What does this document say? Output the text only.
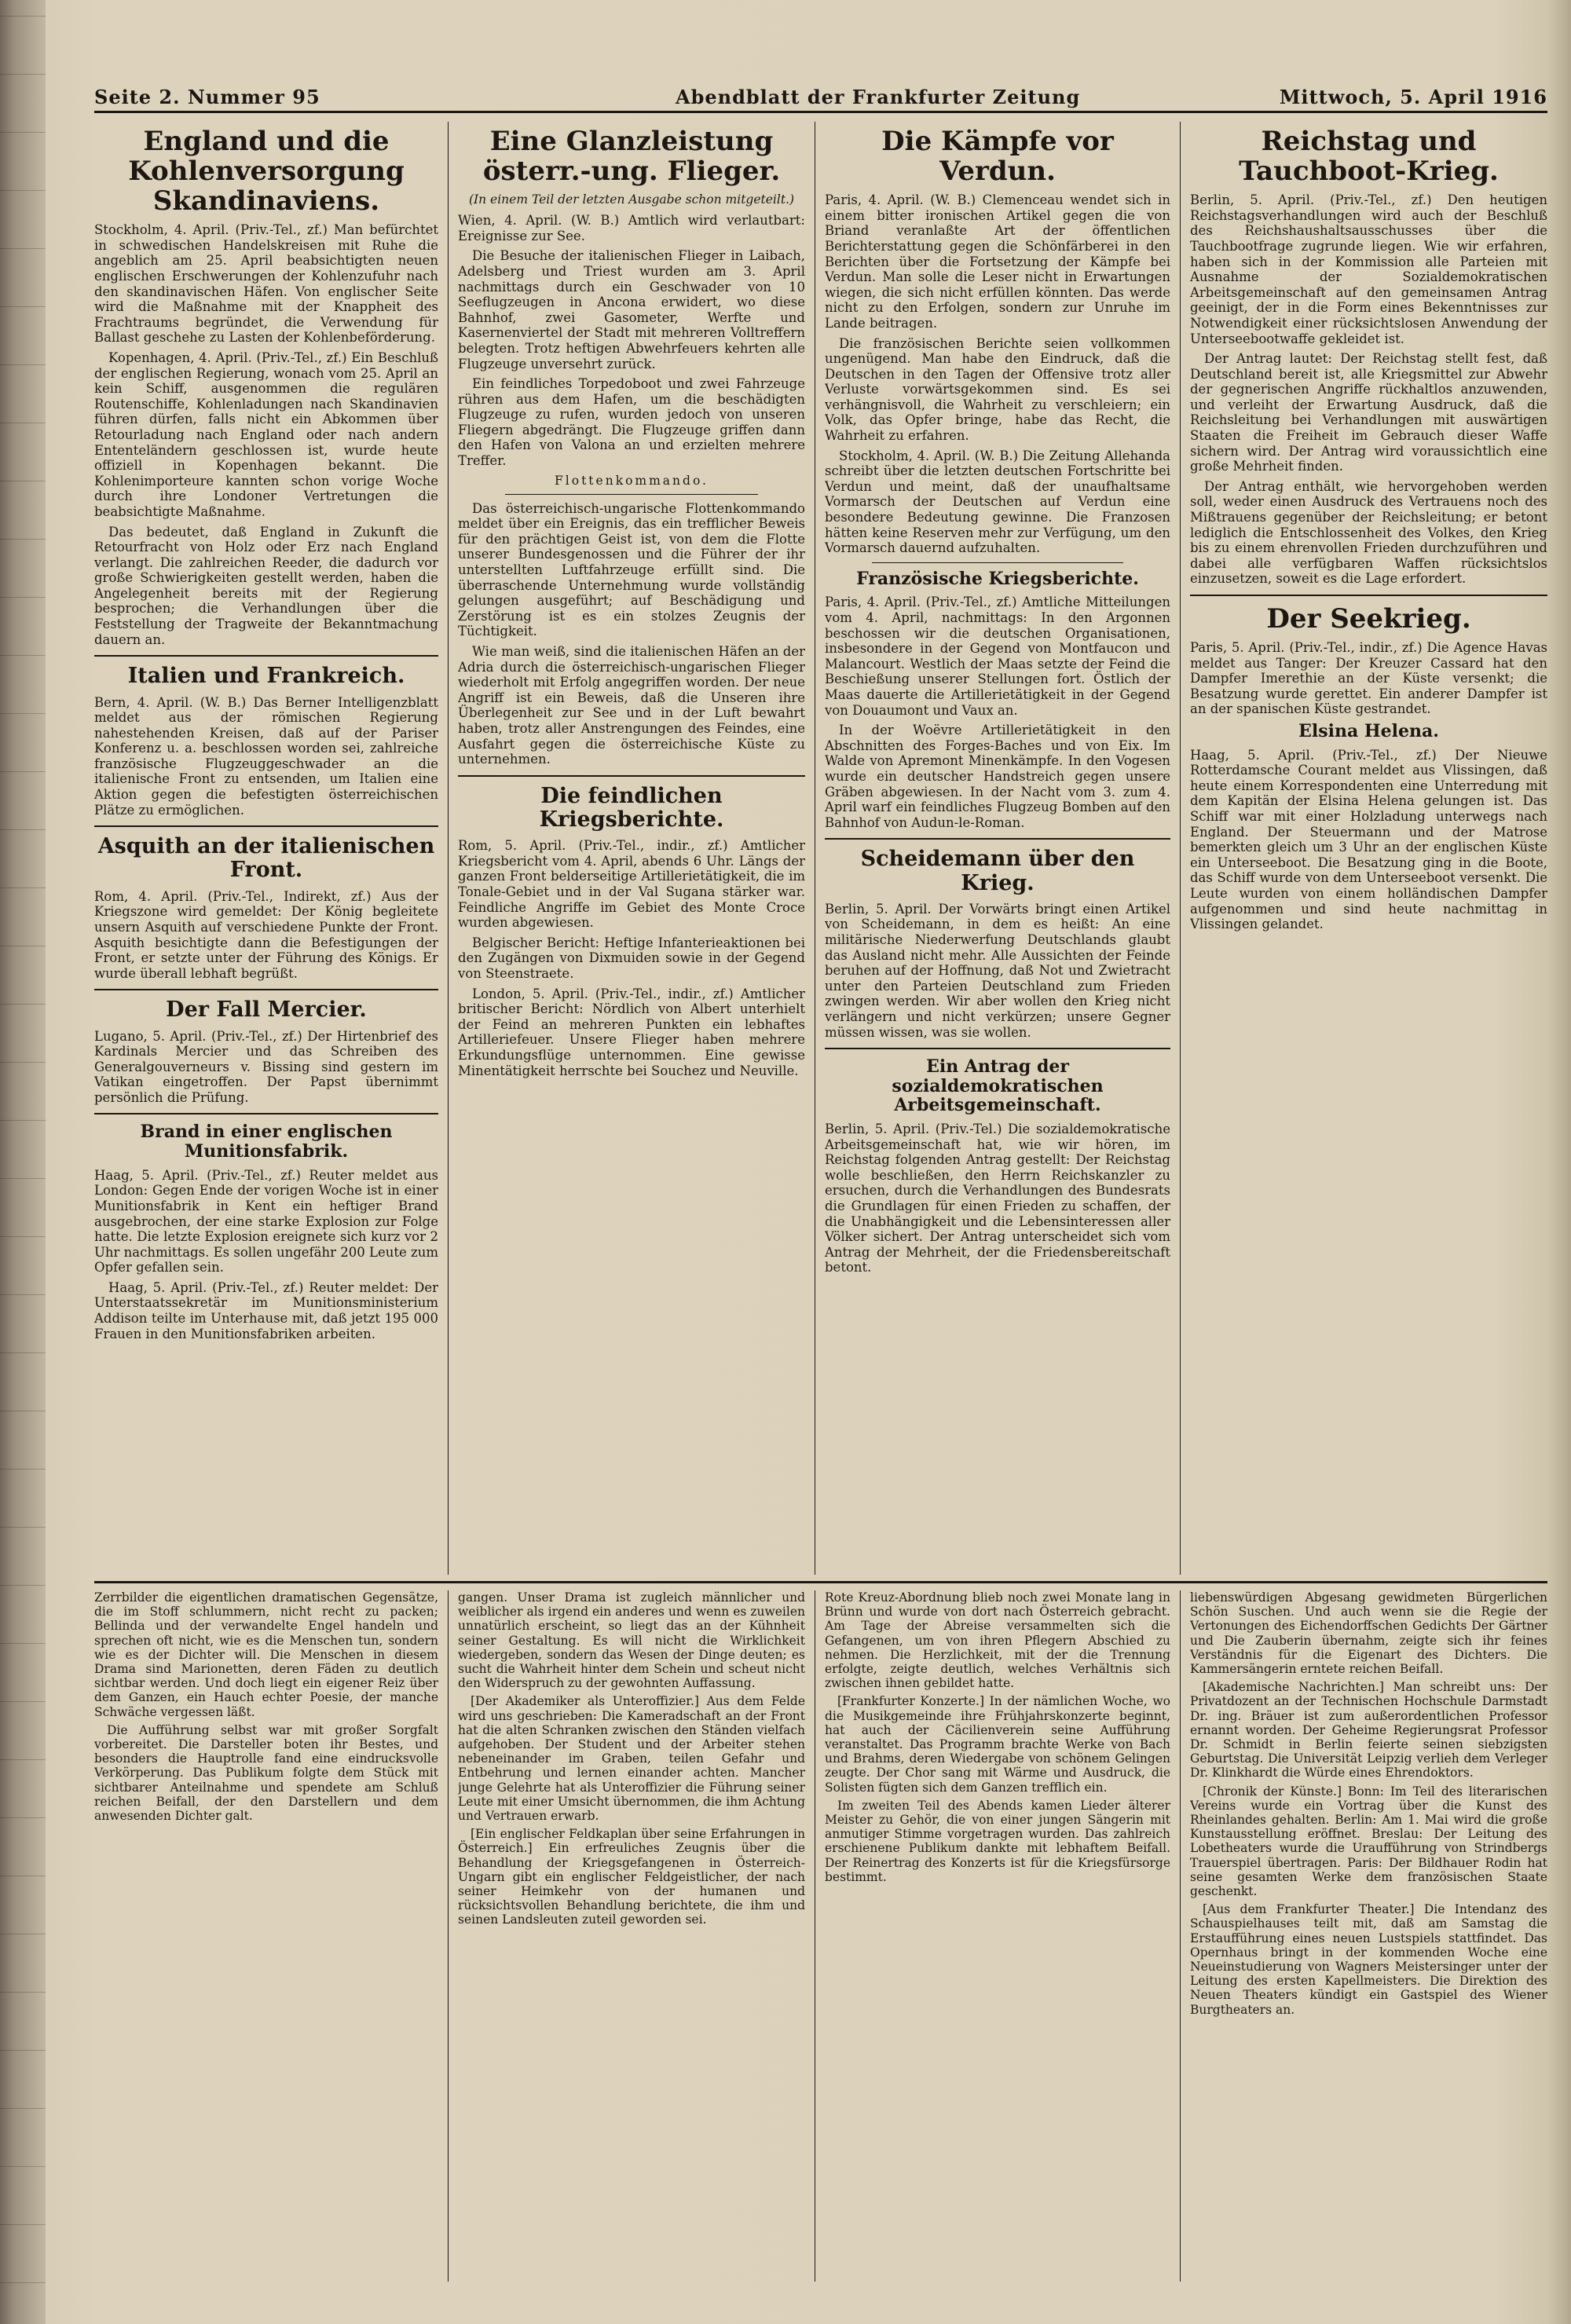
Seite 2. Nummer 95	Abendblatt der Frankfurter Zeitung	Mittwoch, 5. April 1916
England und die Kohlenversorgung Skandinaviens.

Stockholm, 4. April. (Priv.-Tel., zf.) Man befürchtet in schwedischen Handelskreisen mit Ruhe die angeblich am 25. April beabsichtigten neuen englischen Erschwerungen der Kohlenzufuhr nach den skandinavischen Häfen. Von englischer Seite wird die Maßnahme mit der Knappheit des Frachtraums begründet, die Verwendung für Ballast geschehe zu Lasten der Kohlenbeförderung.

Kopenhagen, 4. April. (Priv.-Tel., zf.) Ein Beschluß der englischen Regierung, wonach vom 25. April an kein Schiff, ausgenommen die regulären Routenschiffe, Kohlenladungen nach Skandinavien führen dürfen, falls nicht ein Abkommen über Retourladung nach England oder nach andern Ententeländern geschlossen ist, wurde heute offiziell in Kopenhagen bekannt. Die Kohlenimporteure kannten schon vorige Woche durch ihre Londoner Vertretungen die beabsichtigte Maßnahme.

Das bedeutet, daß England in Zukunft die Retourfracht von Holz oder Erz nach England verlangt. Die zahlreichen Reeder, die dadurch vor große Schwierigkeiten gestellt werden, haben die Angelegenheit bereits mit der Regierung besprochen; die Verhandlungen über die Feststellung der Tragweite der Bekanntmachung dauern an.

Italien und Frankreich.

Bern, 4. April. (W. B.) Das Berner Intelligenzblatt meldet aus der römischen Regierung nahestehenden Kreisen, daß auf der Pariser Konferenz u. a. beschlossen worden sei, zahlreiche französische Flugzeuggeschwader an die italienische Front zu entsenden, um Italien eine Aktion gegen die befestigten österreichischen Plätze zu ermöglichen.

Asquith an der italienischen Front.

Rom, 4. April. (Priv.-Tel., Indirekt, zf.) Aus der Kriegszone wird gemeldet: Der König begleitete unsern Asquith auf verschiedene Punkte der Front. Asquith besichtigte dann die Befestigungen der Front, er setzte unter der Führung des Königs. Er wurde überall lebhaft begrüßt.

Der Fall Mercier.

Lugano, 5. April. (Priv.-Tel., zf.) Der Hirtenbrief des Kardinals Mercier und das Schreiben des Generalgouverneurs v. Bissing sind gestern im Vatikan eingetroffen. Der Papst übernimmt persönlich die Prüfung.

Brand in einer englischen Munitionsfabrik.

Haag, 5. April. (Priv.-Tel., zf.) Reuter meldet aus London: Gegen Ende der vorigen Woche ist in einer Munitionsfabrik in Kent ein heftiger Brand ausgebrochen, der eine starke Explosion zur Folge hatte. Die letzte Explosion ereignete sich kurz vor 2 Uhr nachmittags. Es sollen ungefähr 200 Leute zum Opfer gefallen sein.

Haag, 5. April. (Priv.-Tel., zf.) Reuter meldet: Der Unterstaatssekretär im Munitionsministerium Addison teilte im Unterhause mit, daß jetzt 195 000 Frauen in den Munitionsfabriken arbeiten.

Eine Glanzleistung österr.-ung. Flieger.
(In einem Teil der letzten Ausgabe schon mitgeteilt.)

Wien, 4. April. (W. B.) Amtlich wird verlautbart: Ereignisse zur See.

Die Besuche der italienischen Flieger in Laibach, Adelsberg und Triest wurden am 3. April nachmittags durch ein Geschwader von 10 Seeflugzeugen in Ancona erwidert, wo diese Bahnhof, zwei Gasometer, Werfte und Kasernenviertel der Stadt mit mehreren Volltreffern belegten. Trotz heftigen Abwehrfeuers kehrten alle Flugzeuge unversehrt zurück.

Ein feindliches Torpedoboot und zwei Fahrzeuge rühren aus dem Hafen, um die beschädigten Flugzeuge zu rufen, wurden jedoch von unseren Fliegern abgedrängt. Die Flugzeuge griffen dann den Hafen von Valona an und erzielten mehrere Treffer.

Flottenkommando.

Das österreichisch-ungarische Flottenkommando meldet über ein Ereignis, das ein trefflicher Beweis für den prächtigen Geist ist, von dem die Flotte unserer Bundesgenossen und die Führer der ihr unterstellten Luftfahrzeuge erfüllt sind. Die überraschende Unternehmung wurde vollständig gelungen ausgeführt; auf Beschädigung und Zerstörung ist es ein stolzes Zeugnis der Tüchtigkeit.

Wie man weiß, sind die italienischen Häfen an der Adria durch die österreichisch-ungarischen Flieger wiederholt mit Erfolg angegriffen worden. Der neue Angriff ist ein Beweis, daß die Unseren ihre Überlegenheit zur See und in der Luft bewahrt haben, trotz aller Anstrengungen des Feindes, eine Ausfahrt gegen die österreichische Küste zu unternehmen.

Die feindlichen Kriegsberichte.

Rom, 5. April. (Priv.-Tel., indir., zf.) Amtlicher Kriegsbericht vom 4. April, abends 6 Uhr. Längs der ganzen Front belderseitige Artillerietätigkeit, die im Tonale-Gebiet und in der Val Sugana stärker war. Feindliche Angriffe im Gebiet des Monte Croce wurden abgewiesen.

Belgischer Bericht: Heftige Infanterieaktionen bei den Zugängen von Dixmuiden sowie in der Gegend von Steenstraete.

London, 5. April. (Priv.-Tel., indir., zf.) Amtlicher britischer Bericht: Nördlich von Albert unterhielt der Feind an mehreren Punkten ein lebhaftes Artilleriefeuer. Unsere Flieger haben mehrere Erkundungsflüge unternommen. Eine gewisse Minentätigkeit herrschte bei Souchez und Neuville.

Die Kämpfe vor Verdun.

Paris, 4. April. (W. B.) Clemenceau wendet sich in einem bitter ironischen Artikel gegen die von Briand veranlaßte Art der öffentlichen Berichterstattung gegen die Schönfärberei in den Berichten über die Fortsetzung der Kämpfe bei Verdun. Man solle die Leser nicht in Erwartungen wiegen, die sich nicht erfüllen könnten. Das werde nicht zu den Erfolgen, sondern zur Unruhe im Lande beitragen.

Die französischen Berichte seien vollkommen ungenügend. Man habe den Eindruck, daß die Deutschen in den Tagen der Offensive trotz aller Verluste vorwärtsgekommen sind. Es sei verhängnisvoll, die Wahrheit zu verschleiern; ein Volk, das Opfer bringe, habe das Recht, die Wahrheit zu erfahren.

Stockholm, 4. April. (W. B.) Die Zeitung Allehanda schreibt über die letzten deutschen Fortschritte bei Verdun und meint, daß der unaufhaltsame Vormarsch der Deutschen auf Verdun eine besondere Bedeutung gewinne. Die Franzosen hätten keine Reserven mehr zur Verfügung, um den Vormarsch dauernd aufzuhalten.

Französische Kriegsberichte.

Paris, 4. April. (Priv.-Tel., zf.) Amtliche Mitteilungen vom 4. April, nachmittags: In den Argonnen beschossen wir die deutschen Organisationen, insbesondere in der Gegend von Montfaucon und Malancourt. Westlich der Maas setzte der Feind die Beschießung unserer Stellungen fort. Östlich der Maas dauerte die Artillerietätigkeit in der Gegend von Douaumont und Vaux an.

In der Woëvre Artillerietätigkeit in den Abschnitten des Forges-Baches und von Eix. Im Walde von Apremont Minenkämpfe. In den Vogesen wurde ein deutscher Handstreich gegen unsere Gräben abgewiesen. In der Nacht vom 3. zum 4. April warf ein feindliches Flugzeug Bomben auf den Bahnhof von Audun-le-Roman.

Scheidemann über den Krieg.

Berlin, 5. April. Der Vorwärts bringt einen Artikel von Scheidemann, in dem es heißt: An eine militärische Niederwerfung Deutschlands glaubt das Ausland nicht mehr. Alle Aussichten der Feinde beruhen auf der Hoffnung, daß Not und Zwietracht unter den Parteien Deutschland zum Frieden zwingen werden. Wir aber wollen den Krieg nicht verlängern und nicht verkürzen; unsere Gegner müssen wissen, was sie wollen.

Ein Antrag der sozialdemokratischen Arbeitsgemeinschaft.

Berlin, 5. April. (Priv.-Tel.) Die sozialdemokratische Arbeitsgemeinschaft hat, wie wir hören, im Reichstag folgenden Antrag gestellt: Der Reichstag wolle beschließen, den Herrn Reichskanzler zu ersuchen, durch die Verhandlungen des Bundesrats die Grundlagen für einen Frieden zu schaffen, der die Unabhängigkeit und die Lebensinteressen aller Völker sichert. Der Antrag unterscheidet sich vom Antrag der Mehrheit, der die Friedensbereitschaft betont.

Reichstag und Tauchboot-Krieg.

Berlin, 5. April. (Priv.-Tel., zf.) Den heutigen Reichstagsverhandlungen wird auch der Beschluß des Reichshaushaltsausschusses über die Tauchbootfrage zugrunde liegen. Wie wir erfahren, haben sich in der Kommission alle Parteien mit Ausnahme der Sozialdemokratischen Arbeitsgemeinschaft auf den gemeinsamen Antrag geeinigt, der in die Form eines Bekenntnisses zur Notwendigkeit einer rücksichtslosen Anwendung der Unterseebootwaffe gekleidet ist.

Der Antrag lautet: Der Reichstag stellt fest, daß Deutschland bereit ist, alle Kriegsmittel zur Abwehr der gegnerischen Angriffe rückhaltlos anzuwenden, und verleiht der Erwartung Ausdruck, daß die Reichsleitung bei Verhandlungen mit auswärtigen Staaten die Freiheit im Gebrauch dieser Waffe sichern wird. Der Antrag wird voraussichtlich eine große Mehrheit finden.

Der Antrag enthält, wie hervorgehoben werden soll, weder einen Ausdruck des Vertrauens noch des Mißtrauens gegenüber der Reichsleitung; er betont lediglich die Entschlossenheit des Volkes, den Krieg bis zu einem ehrenvollen Frieden durchzuführen und dabei alle verfügbaren Waffen rücksichtslos einzusetzen, soweit es die Lage erfordert.

Der Seekrieg.

Paris, 5. April. (Priv.-Tel., indir., zf.) Die Agence Havas meldet aus Tanger: Der Kreuzer Cassard hat den Dampfer Imerethie an der Küste versenkt; die Besatzung wurde gerettet. Ein anderer Dampfer ist an der spanischen Küste gestrandet.

Elsina Helena.

Haag, 5. April. (Priv.-Tel., zf.) Der Nieuwe Rotterdamsche Courant meldet aus Vlissingen, daß heute einem Korrespondenten eine Unterredung mit dem Kapitän der Elsina Helena gelungen ist. Das Schiff war mit einer Holzladung unterwegs nach England. Der Steuermann und der Matrose bemerkten gleich um 3 Uhr an der englischen Küste ein Unterseeboot. Die Besatzung ging in die Boote, das Schiff wurde von dem Unterseeboot versenkt. Die Leute wurden von einem holländischen Dampfer aufgenommen und sind heute nachmittag in Vlissingen gelandet.

Zerrbilder die eigentlichen dramatischen Gegensätze, die im Stoff schlummern, nicht recht zu packen; Bellinda und der verwandelte Engel handeln und sprechen oft nicht, wie es die Menschen tun, sondern wie es der Dichter will. Die Menschen in diesem Drama sind Marionetten, deren Fäden zu deutlich sichtbar werden. Und doch liegt ein eigener Reiz über dem Ganzen, ein Hauch echter Poesie, der manche Schwäche vergessen läßt.

Die Aufführung selbst war mit großer Sorgfalt vorbereitet. Die Darsteller boten ihr Bestes, und besonders die Hauptrolle fand eine eindrucksvolle Verkörperung. Das Publikum folgte dem Stück mit sichtbarer Anteilnahme und spendete am Schluß reichen Beifall, der den Darstellern und dem anwesenden Dichter galt.

gangen. Unser Drama ist zugleich männlicher und weiblicher als irgend ein anderes und wenn es zuweilen unnatürlich erscheint, so liegt das an der Kühnheit seiner Gestaltung. Es will nicht die Wirklichkeit wiedergeben, sondern das Wesen der Dinge deuten; es sucht die Wahrheit hinter dem Schein und scheut nicht den Widerspruch zu der gewohnten Auffassung.

[Der Akademiker als Unteroffizier.] Aus dem Felde wird uns geschrieben: Die Kameradschaft an der Front hat die alten Schranken zwischen den Ständen vielfach aufgehoben. Der Student und der Arbeiter stehen nebeneinander im Graben, teilen Gefahr und Entbehrung und lernen einander achten. Mancher junge Gelehrte hat als Unteroffizier die Führung seiner Leute mit einer Umsicht übernommen, die ihm Achtung und Vertrauen erwarb.

[Ein englischer Feldkaplan über seine Erfahrungen in Österreich.] Ein erfreuliches Zeugnis über die Behandlung der Kriegsgefangenen in Österreich-Ungarn gibt ein englischer Feldgeistlicher, der nach seiner Heimkehr von der humanen und rücksichtsvollen Behandlung berichtete, die ihm und seinen Landsleuten zuteil geworden sei.

Rote Kreuz-Abordnung blieb noch zwei Monate lang in Brünn und wurde von dort nach Österreich gebracht. Am Tage der Abreise versammelten sich die Gefangenen, um von ihren Pflegern Abschied zu nehmen. Die Herzlichkeit, mit der die Trennung erfolgte, zeigte deutlich, welches Verhältnis sich zwischen ihnen gebildet hatte.

[Frankfurter Konzerte.] In der nämlichen Woche, wo die Musikgemeinde ihre Frühjahrskonzerte beginnt, hat auch der Cäcilienverein seine Aufführung veranstaltet. Das Programm brachte Werke von Bach und Brahms, deren Wiedergabe von schönem Gelingen zeugte. Der Chor sang mit Wärme und Ausdruck, die Solisten fügten sich dem Ganzen trefflich ein.

Im zweiten Teil des Abends kamen Lieder älterer Meister zu Gehör, die von einer jungen Sängerin mit anmutiger Stimme vorgetragen wurden. Das zahlreich erschienene Publikum dankte mit lebhaftem Beifall. Der Reinertrag des Konzerts ist für die Kriegsfürsorge bestimmt.

liebenswürdigen Abgesang gewidmeten Bürgerlichen Schön Suschen. Und auch wenn sie die Regie der Vertonungen des Eichendorffschen Gedichts Der Gärtner und Die Zauberin übernahm, zeigte sich ihr feines Verständnis für die Eigenart des Dichters. Die Kammersängerin erntete reichen Beifall.

[Akademische Nachrichten.] Man schreibt uns: Der Privatdozent an der Technischen Hochschule Darmstadt Dr. ing. Bräuer ist zum außerordentlichen Professor ernannt worden. Der Geheime Regierungsrat Professor Dr. Schmidt in Berlin feierte seinen siebzigsten Geburtstag. Die Universität Leipzig verlieh dem Verleger Dr. Klinkhardt die Würde eines Ehrendoktors.

[Chronik der Künste.] Bonn: Im Teil des literarischen Vereins wurde ein Vortrag über die Kunst des Rheinlandes gehalten. Berlin: Am 1. Mai wird die große Kunstausstellung eröffnet. Breslau: Der Leitung des Lobetheaters wurde die Uraufführung von Strindbergs Trauerspiel übertragen. Paris: Der Bildhauer Rodin hat seine gesamten Werke dem französischen Staate geschenkt.

[Aus dem Frankfurter Theater.] Die Intendanz des Schauspielhauses teilt mit, daß am Samstag die Erstaufführung eines neuen Lustspiels stattfindet. Das Opernhaus bringt in der kommenden Woche eine Neueinstudierung von Wagners Meistersinger unter der Leitung des ersten Kapellmeisters. Die Direktion des Neuen Theaters kündigt ein Gastspiel des Wiener Burgtheaters an.
